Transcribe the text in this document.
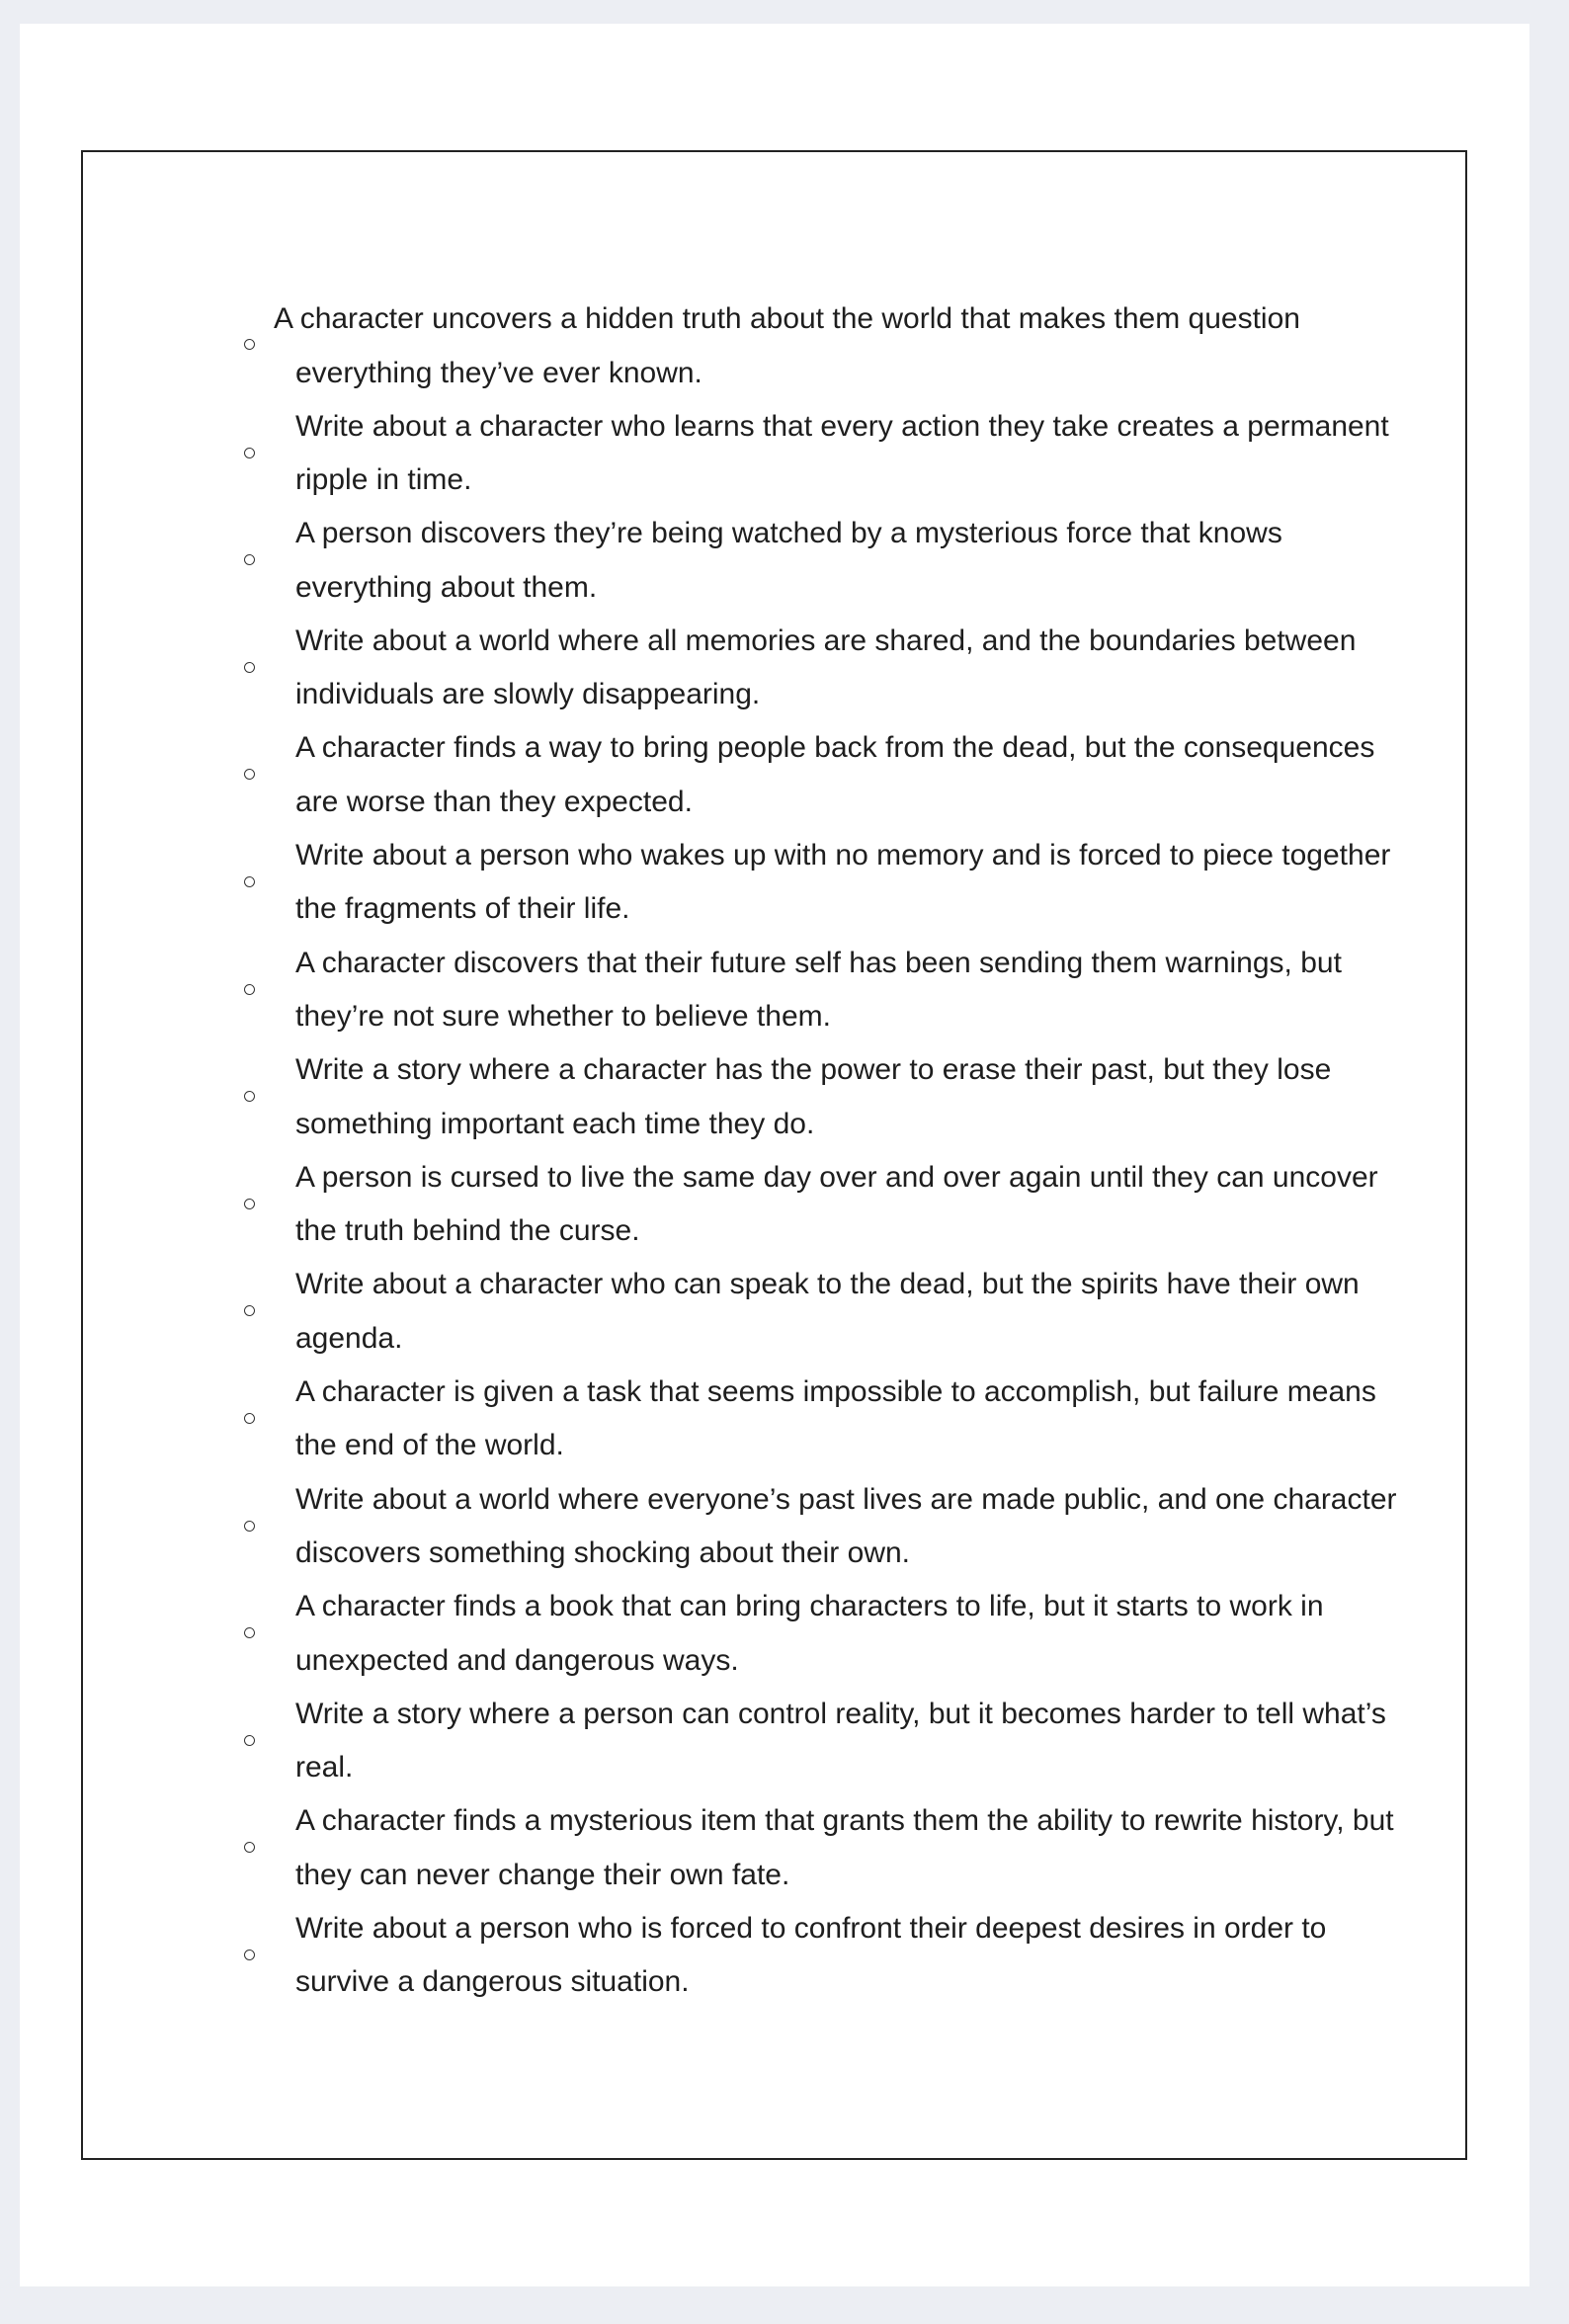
A character uncovers a hidden truth about the world that makes them question everything they’ve ever known.

Write about a character who learns that every action they take creates a permanent ripple in time.

A person discovers they’re being watched by a mysterious force that knows everything about them.

Write about a world where all memories are shared, and the boundaries between individuals are slowly disappearing.

A character finds a way to bring people back from the dead, but the consequences are worse than they expected.

Write about a person who wakes up with no memory and is forced to piece together the fragments of their life.

A character discovers that their future self has been sending them warnings, but they’re not sure whether to believe them.

Write a story where a character has the power to erase their past, but they lose something important each time they do.

A person is cursed to live the same day over and over again until they can uncover the truth behind the curse.

Write about a character who can speak to the dead, but the spirits have their own agenda.

A character is given a task that seems impossible to accomplish, but failure means the end of the world.

Write about a world where everyone’s past lives are made public, and one character discovers something shocking about their own.

A character finds a book that can bring characters to life, but it starts to work in unexpected and dangerous ways.

Write a story where a person can control reality, but it becomes harder to tell what’s real.

A character finds a mysterious item that grants them the ability to rewrite history, but they can never change their own fate.

Write about a person who is forced to confront their deepest desires in order to survive a dangerous situation.
